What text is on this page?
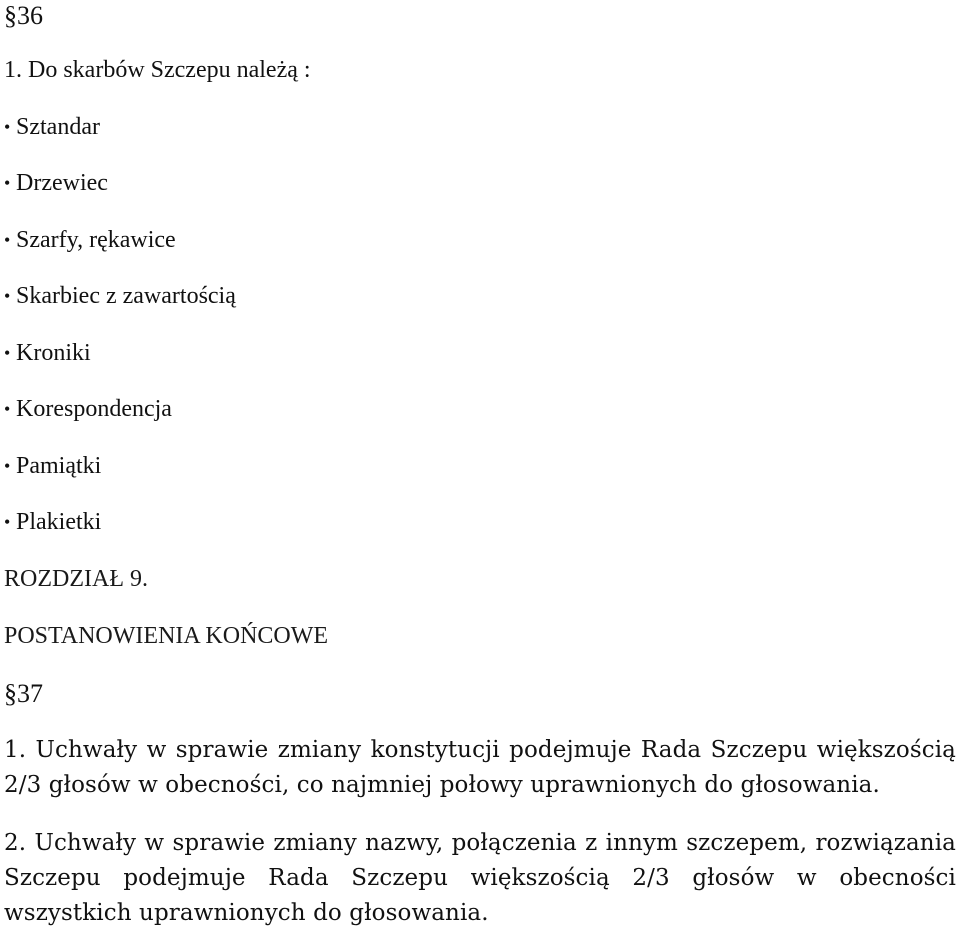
§36
1. Do skarbów Szczepu należą :
• Sztandar
• Drzewiec
• Szarfy, rękawice
• Skarbiec z zawartością
• Kroniki
• Korespondencja
• Pamiątki
• Plakietki
ROZDZIAŁ 9.
POSTANOWIENIA KOŃCOWE
§37
1. Uchwały w sprawie zmiany konstytucji podejmuje Rada Szczepu większością 2/3 głosów w obecności, co najmniej połowy uprawnionych do głosowania.
2. Uchwały w sprawie zmiany nazwy, połączenia z innym szczepem, rozwiązania Szczepu podejmuje Rada Szczepu większością 2/3 głosów w obecności wszystkich uprawnionych do głosowania.
